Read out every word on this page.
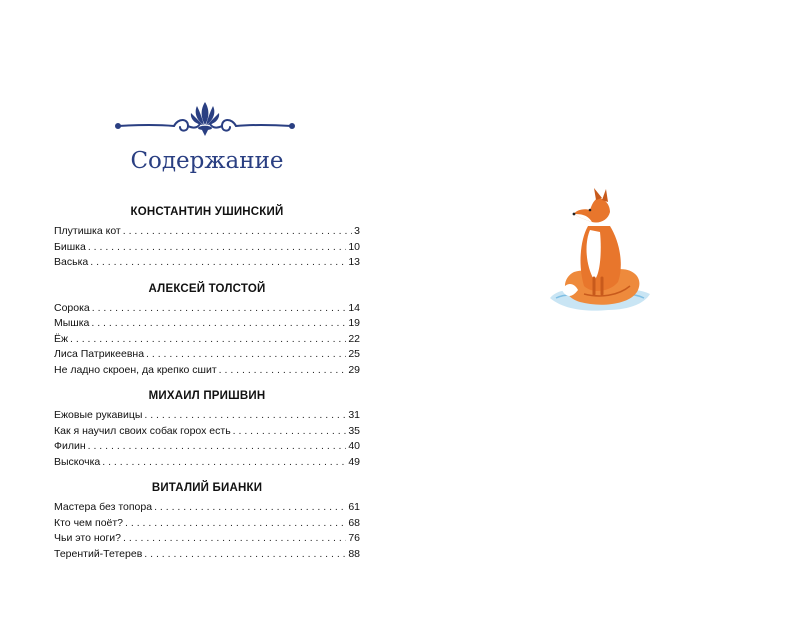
Содержание
КОНСТАНТИН УШИНСКИЙ
Плутишка кот . . .	3
Бишка . . .	10
Васька . . .	13
АЛЕКСЕЙ ТОЛСТОЙ
Сорока . . .	14
Мышка . . .	19
Ёж . . .	22
Лиса Патрикеевна . . .	25
Не ладно скроен, да крепко сшит . . .	29
МИХАИЛ ПРИШВИН
Ежовые рукавицы . . .	31
Как я научил своих собак горох есть . . .	35
Филин . . .	40
Выскочка . . .	49
ВИТАЛИЙ БИАНКИ
Мастера без топора . . .	61
Кто чем поёт? . . .	68
Чьи это ноги? . . .	76
Терентий-Тетерев . . .	88
